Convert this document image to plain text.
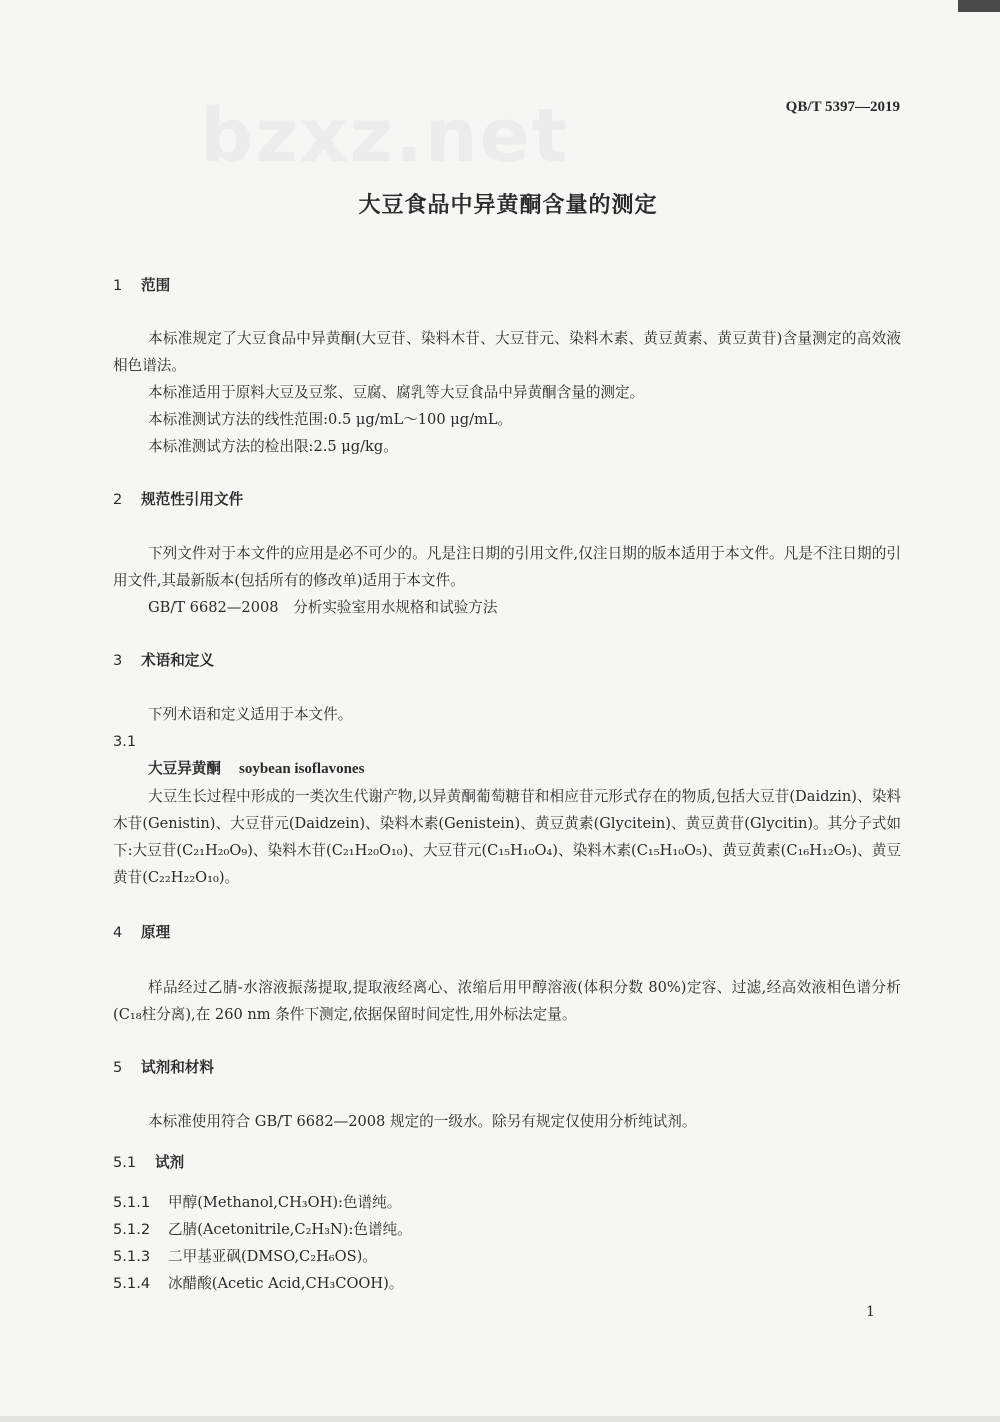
bzxz.net	QB/T 5397—2019
大豆食品中异黄酮含量的测定
1 范围
本标准规定了大豆食品中异黄酮(大豆苷、染料木苷、大豆苷元、染料木素、黄豆黄素、黄豆黄苷)含量测定的高效液相色谱法。
本标准适用于原料大豆及豆浆、豆腐、腐乳等大豆食品中异黄酮含量的测定。
本标准测试方法的线性范围:0.5 μg/mL～100 μg/mL。
本标准测试方法的检出限:2.5 μg/kg。
2 规范性引用文件
下列文件对于本文件的应用是必不可少的。凡是注日期的引用文件,仅注日期的版本适用于本文件。凡是不注日期的引用文件,其最新版本(包括所有的修改单)适用于本文件。
GB/T 6682—2008　分析实验室用水规格和试验方法
3 术语和定义
下列术语和定义适用于本文件。
3.1
大豆异黄酮 soybean isoflavones
大豆生长过程中形成的一类次生代谢产物,以异黄酮葡萄糖苷和相应苷元形式存在的物质,包括大豆苷(Daidzin)、染料木苷(Genistin)、大豆苷元(Daidzein)、染料木素(Genistein)、黄豆黄素(Glycitein)、黄豆黄苷(Glycitin)。其分子式如下:大豆苷(C₂₁H₂₀O₉)、染料木苷(C₂₁H₂₀O₁₀)、大豆苷元(C₁₅H₁₀O₄)、染料木素(C₁₅H₁₀O₅)、黄豆黄素(C₁₆H₁₂O₅)、黄豆黄苷(C₂₂H₂₂O₁₀)。
4 原理
样品经过乙腈-水溶液振荡提取,提取液经离心、浓缩后用甲醇溶液(体积分数 80%)定容、过滤,经高效液相色谱分析(C₁₈柱分离),在 260 nm 条件下测定,依据保留时间定性,用外标法定量。
5 试剂和材料
本标准使用符合 GB/T 6682—2008 规定的一级水。除另有规定仅使用分析纯试剂。
5.1 试剂
5.1.1 甲醇(Methanol,CH₃OH):色谱纯。
5.1.2 乙腈(Acetonitrile,C₂H₃N):色谱纯。
5.1.3 二甲基亚砜(DMSO,C₂H₆OS)。
5.1.4 冰醋酸(Acetic Acid,CH₃COOH)。
1
